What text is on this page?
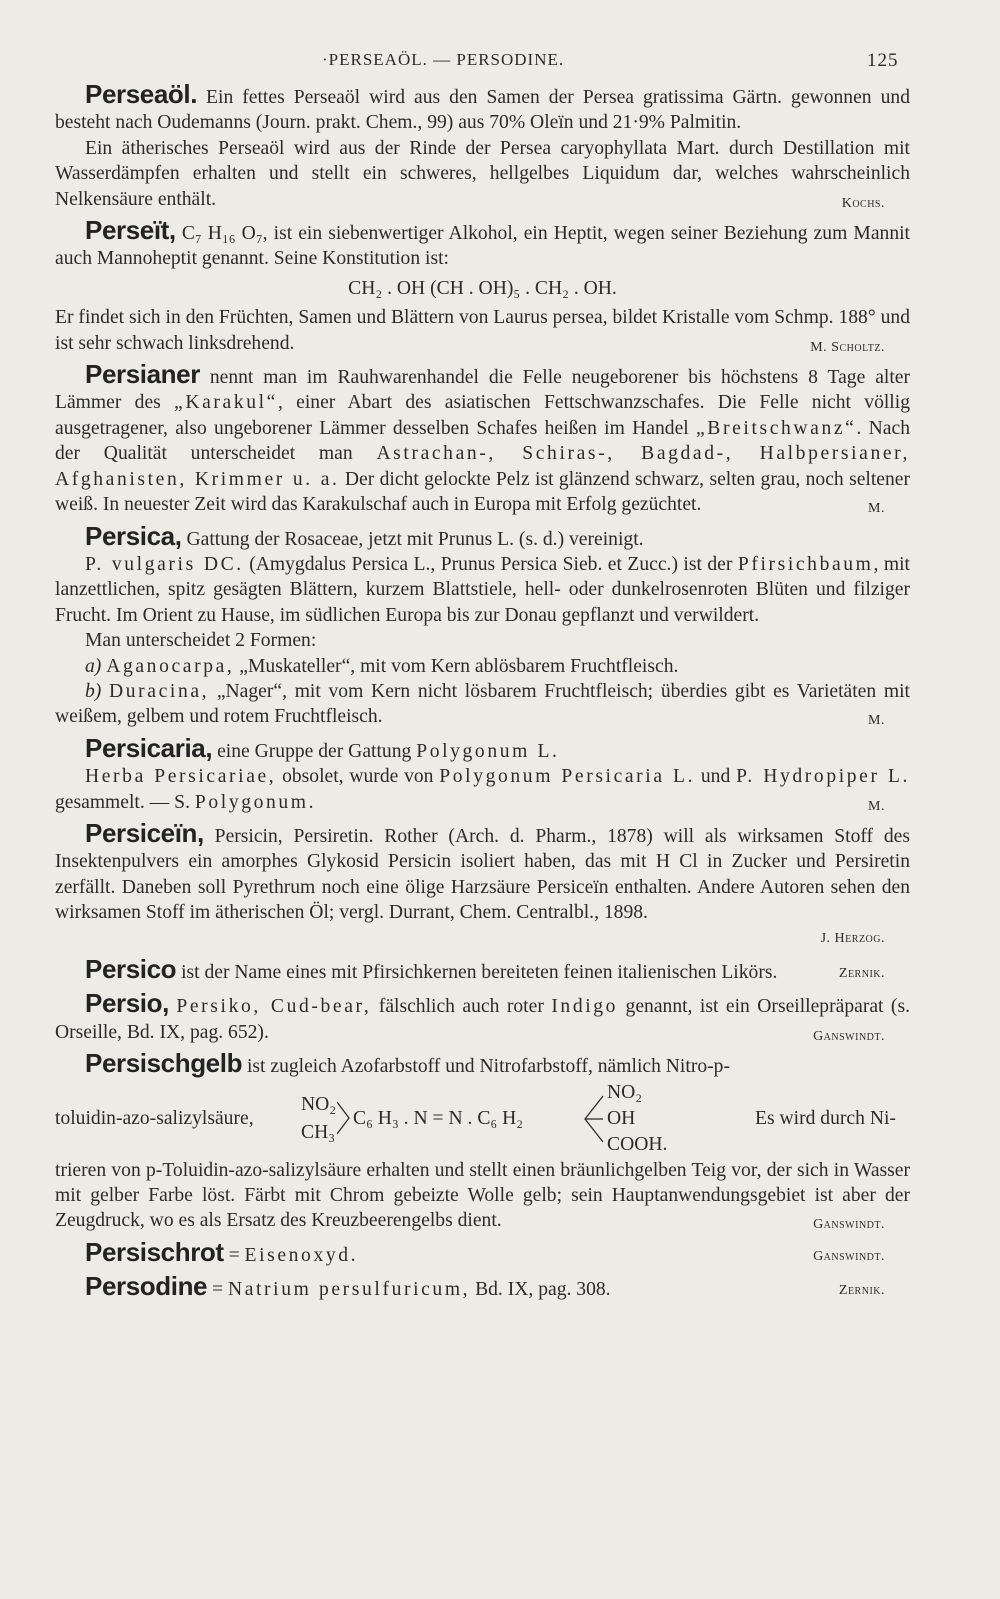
·PERSEAÖL. — PERSODINE.	125

Perseaöl. Ein fettes Perseaöl wird aus den Samen der Persea gratissima Gärtn. gewonnen und besteht nach Oudemanns (Journ. prakt. Chem., 99) aus 70% Oleïn und 21·9% Palmitin.

Ein ätherisches Perseaöl wird aus der Rinde der Persea caryophyllata Mart. durch Destillation mit Wasserdämpfen erhalten und stellt ein schweres, hellgelbes Liquidum dar, welches wahrscheinlich Nelkensäure enthält.	Kochs.

Perseït, C₇ H₁₆ O₇, ist ein siebenwertiger Alkohol, ein Heptit, wegen seiner Beziehung zum Mannit auch Mannoheptit genannt. Seine Konstitution ist:

CH₂ . OH (CH . OH)₅ . CH₂ . OH.

Er findet sich in den Früchten, Samen und Blättern von Laurus persea, bildet Kristalle vom Schmp. 188° und ist sehr schwach linksdrehend.	M. Scholtz.

Persianer nennt man im Rauhwarenhandel die Felle neugeborener bis höchstens 8 Tage alter Lämmer des „Karakul“, einer Abart des asiatischen Fettschwanzschafes. Die Felle nicht völlig ausgetragener, also ungeborener Lämmer desselben Schafes heißen im Handel „Breitschwanz“. Nach der Qualität unterscheidet man Astrachan-, Schiras-, Bagdad-, Halbpersianer, Afghanisten, Krimmer u. a. Der dicht gelockte Pelz ist glänzend schwarz, selten grau, noch seltener weiß. In neuester Zeit wird das Karakulschaf auch in Europa mit Erfolg gezüchtet.	M.

Persica, Gattung der Rosaceae, jetzt mit Prunus L. (s. d.) vereinigt.

P. vulgaris DC. (Amygdalus Persica L., Prunus Persica Sieb. et Zucc.) ist der Pfirsichbaum, mit lanzettlichen, spitz gesägten Blättern, kurzem Blattstiele, hell- oder dunkelrosenroten Blüten und filziger Frucht. Im Orient zu Hause, im südlichen Europa bis zur Donau gepflanzt und verwildert.

Man unterscheidet 2 Formen:

a) Aganocarpa, „Muskateller“, mit vom Kern ablösbarem Fruchtfleisch.

b) Duracina, „Nager“, mit vom Kern nicht lösbarem Fruchtfleisch; überdies gibt es Varietäten mit weißem, gelbem und rotem Fruchtfleisch.	M.

Persicaria, eine Gruppe der Gattung Polygonum L.

Herba Persicariae, obsolet, wurde von Polygonum Persicaria L. und P. Hydropiper L. gesammelt. — S. Polygonum.	M.

Persiceïn, Persicin, Persiretin. Rother (Arch. d. Pharm., 1878) will als wirksamen Stoff des Insektenpulvers ein amorphes Glykosid Persicin isoliert haben, das mit H Cl in Zucker und Persiretin zerfällt. Daneben soll Pyrethrum noch eine ölige Harzsäure Persiceïn enthalten. Andere Autoren sehen den wirksamen Stoff im ätherischen Öl; vergl. Durrant, Chem. Centralbl., 1898.

J. Herzog.

Persico ist der Name eines mit Pfirsichkernen bereiteten feinen italienischen Likörs.	Zernik.

Persio, Persiko, Cud-bear, fälschlich auch roter Indigo genannt, ist ein Orseillepräparat (s. Orseille, Bd. IX, pag. 652).	Ganswindt.

Persischgelb ist zugleich Azofarbstoff und Nitrofarbstoff, nämlich Nitro-p-

toluidin-azo-salizylsäure,
NO₂
CH₃
C₆ H₃ . N = N . C₆ H₂
NO₂
OH
COOH.
Es wird durch Ni-

trieren von p-Toluidin-azo-salizylsäure erhalten und stellt einen bräunlichgelben Teig vor, der sich in Wasser mit gelber Farbe löst. Färbt mit Chrom gebeizte Wolle gelb; sein Hauptanwendungsgebiet ist aber der Zeugdruck, wo es als Ersatz des Kreuzbeerengelbs dient.	Ganswindt.

Persischrot = Eisenoxyd.	Ganswindt.

Persodine = Natrium persulfuricum, Bd. IX, pag. 308.	Zernik.
